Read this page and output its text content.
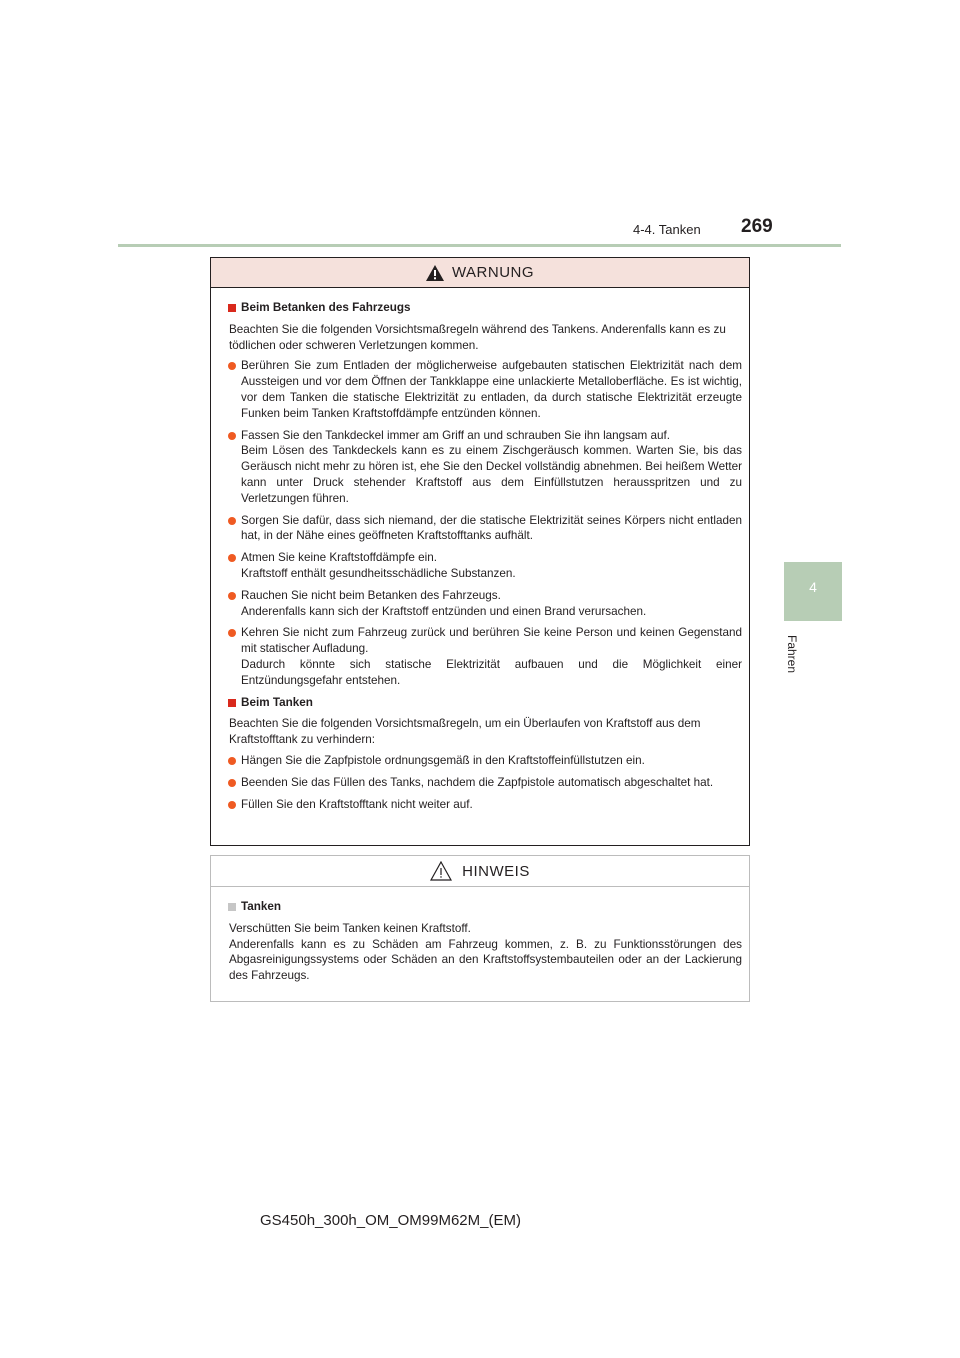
4-4. Tanken 269
4
Fahren
WARNUNG
Beim Betanken des Fahrzeugs
Beachten Sie die folgenden Vorsichtsmaßregeln während des Tankens. Anderenfalls kann es zu tödlichen oder schweren Verletzungen kommen.
Berühren Sie zum Entladen der möglicherweise aufgebauten statischen Elektrizität nach dem Aussteigen und vor dem Öffnen der Tankklappe eine unlackierte Metalloberfläche. Es ist wichtig, vor dem Tanken die statische Elektrizität zu entladen, da durch statische Elektrizität erzeugte Funken beim Tanken Kraftstoffdämpfe entzünden können.
Fassen Sie den Tankdeckel immer am Griff an und schrauben Sie ihn langsam auf.
Beim Lösen des Tankdeckels kann es zu einem Zischgeräusch kommen. Warten Sie, bis das Geräusch nicht mehr zu hören ist, ehe Sie den Deckel vollständig abnehmen. Bei heißem Wetter kann unter Druck stehender Kraftstoff aus dem Einfüllstutzen herausspritzen und zu Verletzungen führen.
Sorgen Sie dafür, dass sich niemand, der die statische Elektrizität seines Körpers nicht entladen hat, in der Nähe eines geöffneten Kraftstofftanks aufhält.
Atmen Sie keine Kraftstoffdämpfe ein.
Kraftstoff enthält gesundheitsschädliche Substanzen.
Rauchen Sie nicht beim Betanken des Fahrzeugs.
Anderenfalls kann sich der Kraftstoff entzünden und einen Brand verursachen.
Kehren Sie nicht zum Fahrzeug zurück und berühren Sie keine Person und keinen Gegenstand mit statischer Aufladung.
Dadurch könnte sich statische Elektrizität aufbauen und die Möglichkeit einer Entzündungsgefahr entstehen.
Beim Tanken
Beachten Sie die folgenden Vorsichtsmaßregeln, um ein Überlaufen von Kraftstoff aus dem Kraftstofftank zu verhindern:
Hängen Sie die Zapfpistole ordnungsgemäß in den Kraftstoffeinfüllstutzen ein.
Beenden Sie das Füllen des Tanks, nachdem die Zapfpistole automatisch abgeschaltet hat.
Füllen Sie den Kraftstofftank nicht weiter auf.
HINWEIS
Tanken
Verschütten Sie beim Tanken keinen Kraftstoff.
Anderenfalls kann es zu Schäden am Fahrzeug kommen, z. B. zu Funktionsstörungen des Abgasreinigungssystems oder Schäden an den Kraftstoffsystembauteilen oder an der Lackierung des Fahrzeugs.
GS450h_300h_OM_OM99M62M_(EM)
